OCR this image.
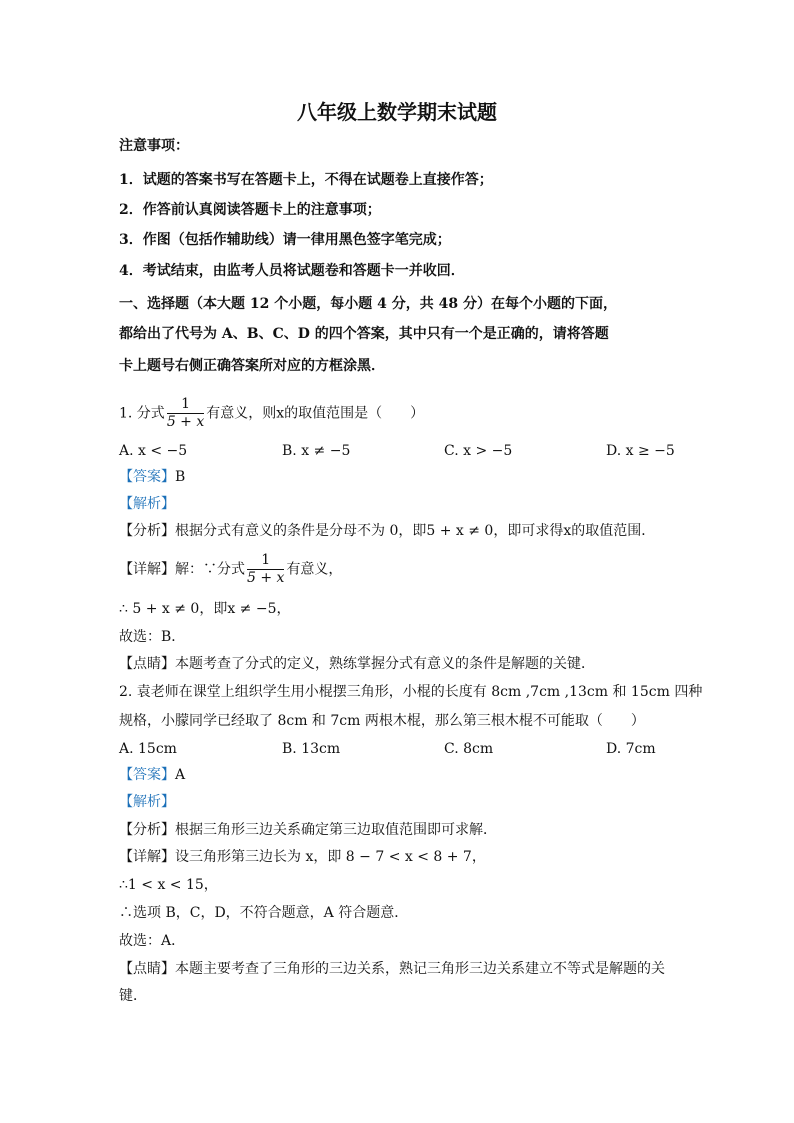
八年级上数学期末试题
注意事项：
1．试题的答案书写在答题卡上，不得在试题卷上直接作答；
2．作答前认真阅读答题卡上的注意事项；
3．作图（包括作辅助线）请一律用黑色签字笔完成；
4．考试结束，由监考人员将试题卷和答题卡一并收回．
一、选择题（本大题 12 个小题，每小题 4 分，共 48 分）在每个小题的下面，
都给出了代号为 A、B、C、D 的四个答案，其中只有一个是正确的，请将答题
卡上题号右侧正确答案所对应的方框涂黑．
1. 分式 $\frac{1}{5 + x}$ 有意义，则x的取值范围是（　　）
A. x < −5	B. x ≠ −5	C. x > −5	D. x ≥ −5
【答案】B
【解析】
【分析】根据分式有意义的条件是分母不为 0，即5 + x ≠ 0，即可求得x的取值范围．
【详解】解：∵分式 $\frac{1}{5 + x}$ 有意义，
∴ 5 + x ≠ 0，即x ≠ −5，
故选：B．
【点睛】本题考查了分式的定义，熟练掌握分式有意义的条件是解题的关键．
2. 袁老师在课堂上组织学生用小棍摆三角形，小棍的长度有 8cm ,7cm ,13cm 和 15cm 四种
规格，小朦同学已经取了 8cm 和 7cm 两根木棍，那么第三根木棍不可能取（　　）
A. 15cm	B. 13cm	C. 8cm	D. 7cm
【答案】A
【解析】
【分析】根据三角形三边关系确定第三边取值范围即可求解．
【详解】设三角形第三边长为 x，即 8 − 7 < x < 8 + 7，
∴1 < x < 15，
∴选项 B，C，D，不符合题意，A 符合题意．
故选：A．
【点睛】本题主要考查了三角形的三边关系，熟记三角形三边关系建立不等式是解题的关
键．
